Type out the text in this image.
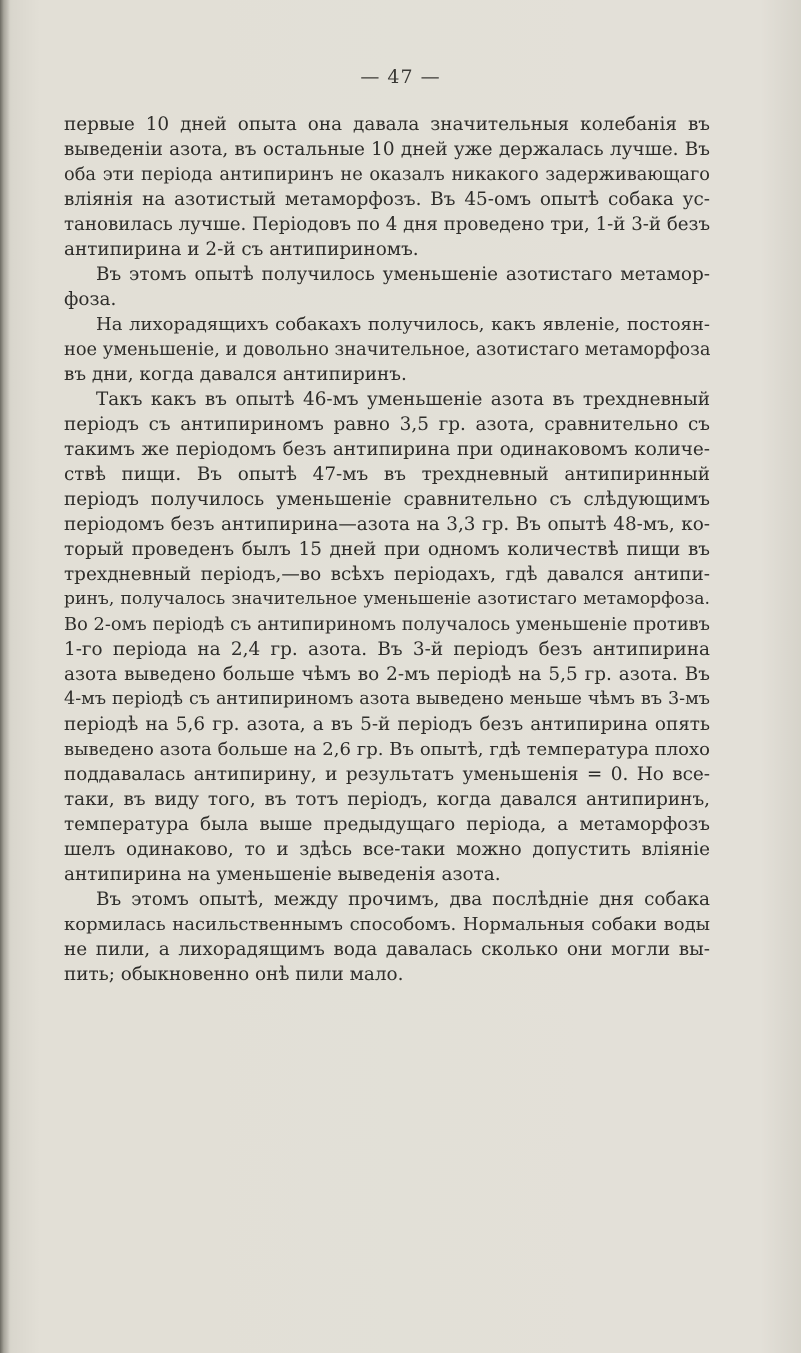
— 47 —
первые 10 дней опыта она давала значительныя колебанія въ
выведеніи азота, въ остальные 10 дней уже держалась лучше. Въ
оба эти періода антипиринъ не оказалъ никакого задерживающаго
вліянія на азотистый метаморфозъ. Въ 45-омъ опытѣ собака ус-
тановилась лучше. Періодовъ по 4 дня проведено три, 1-й 3-й безъ
антипирина и 2-й съ антипириномъ.
Въ этомъ опытѣ получилось уменьшеніе азотистаго метамор-
фоза.
На лихорадящихъ собакахъ получилось, какъ явленіе, постоян-
ное уменьшеніе, и довольно значительное, азотистаго метаморфоза
въ дни, когда давался антипиринъ.
Такъ какъ въ опытѣ 46-мъ уменьшеніе азота въ трехдневный
періодъ съ антипириномъ равно 3,5 гр. азота, сравнительно съ
такимъ же періодомъ безъ антипирина при одинаковомъ количе-
ствѣ пищи. Въ опытѣ 47-мъ въ трехдневный антипиринный
періодъ получилось уменьшеніе сравнительно съ слѣдующимъ
періодомъ безъ антипирина—азота на 3,3 гр. Въ опытѣ 48-мъ, ко-
торый проведенъ былъ 15 дней при одномъ количествѣ пищи въ
трехдневный періодъ,—во всѣхъ періодахъ, гдѣ давался антипи-
ринъ, получалось значительное уменьшеніе азотистаго метаморфоза.
Во 2-омъ періодѣ съ антипириномъ получалось уменьшеніе противъ
1-го періода на 2,4 гр. азота. Въ 3-й періодъ безъ антипирина
азота выведено больше чѣмъ во 2-мъ періодѣ на 5,5 гр. азота. Въ
4-мъ періодѣ съ антипириномъ азота выведено меньше чѣмъ въ 3-мъ
періодѣ на 5,6 гр. азота, а въ 5-й періодъ безъ антипирина опять
выведено азота больше на 2,6 гр. Въ опытѣ, гдѣ температура плохо
поддавалась антипирину, и результатъ уменьшенія = 0. Но все-
таки, въ виду того, въ тотъ періодъ, когда давался антипиринъ,
температура была выше предыдущаго періода, а метаморфозъ
шелъ одинаково, то и здѣсь все-таки можно допустить вліяніе
антипирина на уменьшеніе выведенія азота.
Въ этомъ опытѣ, между прочимъ, два послѣдніе дня собака
кормилась насильственнымъ способомъ. Нормальныя собаки воды
не пили, а лихорадящимъ вода давалась сколько они могли вы-
пить; обыкновенно онѣ пили мало.
